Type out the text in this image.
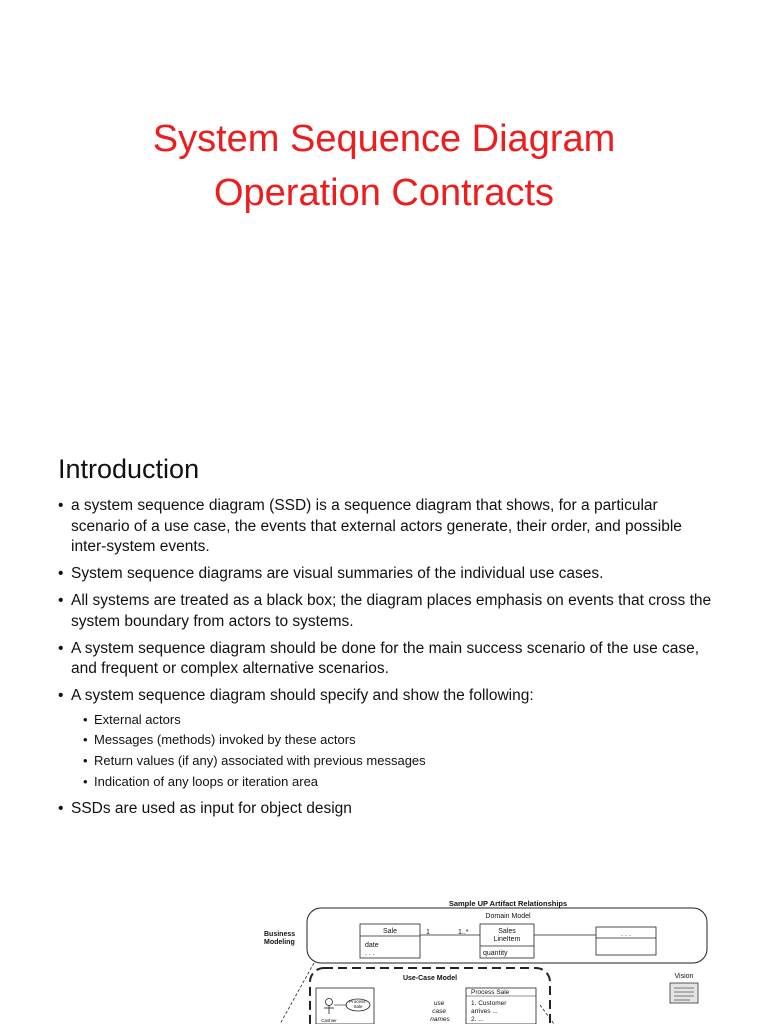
System Sequence Diagram
Operation Contracts
Introduction
• a system sequence diagram (SSD) is a sequence diagram that shows, for a particular scenario of a use case, the events that external actors generate, their order, and possible inter-system events.
• System sequence diagrams are visual summaries of the individual use cases.
• All systems are treated as a black box; the diagram places emphasis on events that cross the system boundary from actors to systems.
• A system sequence diagram should be done for the main success scenario of the use case, and frequent or complex alternative scenarios.
• A system sequence diagram should specify and show the following:
• External actors
• Messages (methods) invoked by these actors
• Return values (if any) associated with previous messages
• Indication of any loops or iteration area
• SSDs are used as input for object design
Sample UP Artifact Relationships
Business Modeling
Domain Model
Sale
date
. . .
1	1..*	Sales
LineItem
quantity
. . .
Vision
Use-Case Model
Cashier
Process Sale	use case names
Process Sale
1. Customer arrives ...
2. ...
